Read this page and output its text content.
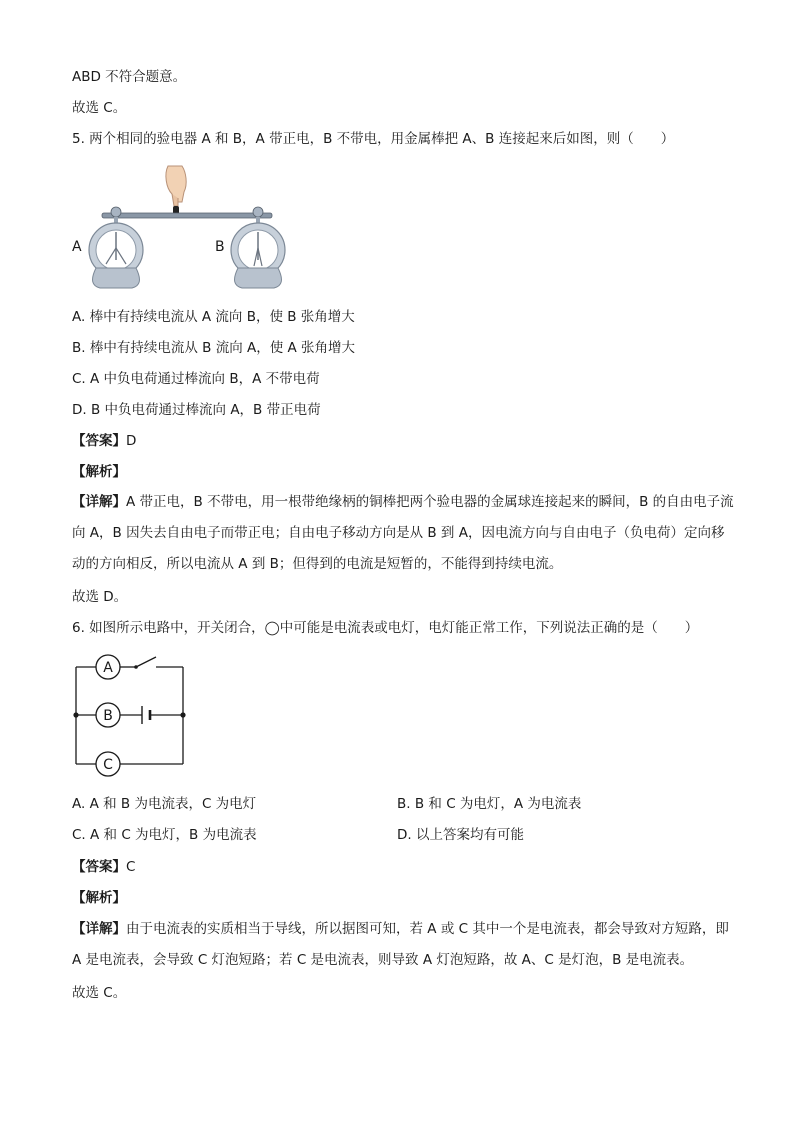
ABD 不符合题意。
故选 C。
5. 两个相同的验电器 A 和 B，A 带正电，B 不带电，用金属棒把 A、B 连接起来后如图，则（　　）
A	B
A. 棒中有持续电流从 A 流向 B，使 B 张角增大
B. 棒中有持续电流从 B 流向 A，使 A 张角增大
C. A 中负电荷通过棒流向 B，A 不带电荷
D. B 中负电荷通过棒流向 A，B 带正电荷
【答案】D
【解析】
【详解】A 带正电，B 不带电，用一根带绝缘柄的铜棒把两个验电器的金属球连接起来的瞬间，B 的自由电子流向 A，B 因失去自由电子而带正电；自由电子移动方向是从 B 到 A，因电流方向与自由电子（负电荷）定向移动的方向相反，所以电流从 A 到 B；但得到的电流是短暂的，不能得到持续电流。
故选 D。
6. 如图所示电路中，开关闭合，◯中可能是电流表或电灯，电灯能正常工作，下列说法正确的是（　　）
A
B
C
A. A 和 B 为电流表，C 为电灯	B. B 和 C 为电灯，A 为电流表
C. A 和 C 为电灯，B 为电流表	D. 以上答案均有可能
【答案】C
【解析】
【详解】由于电流表的实质相当于导线，所以据图可知，若 A 或 C 其中一个是电流表，都会导致对方短路，即 A 是电流表，会导致 C 灯泡短路；若 C 是电流表，则导致 A 灯泡短路，故 A、C 是灯泡，B 是电流表。
故选 C。
